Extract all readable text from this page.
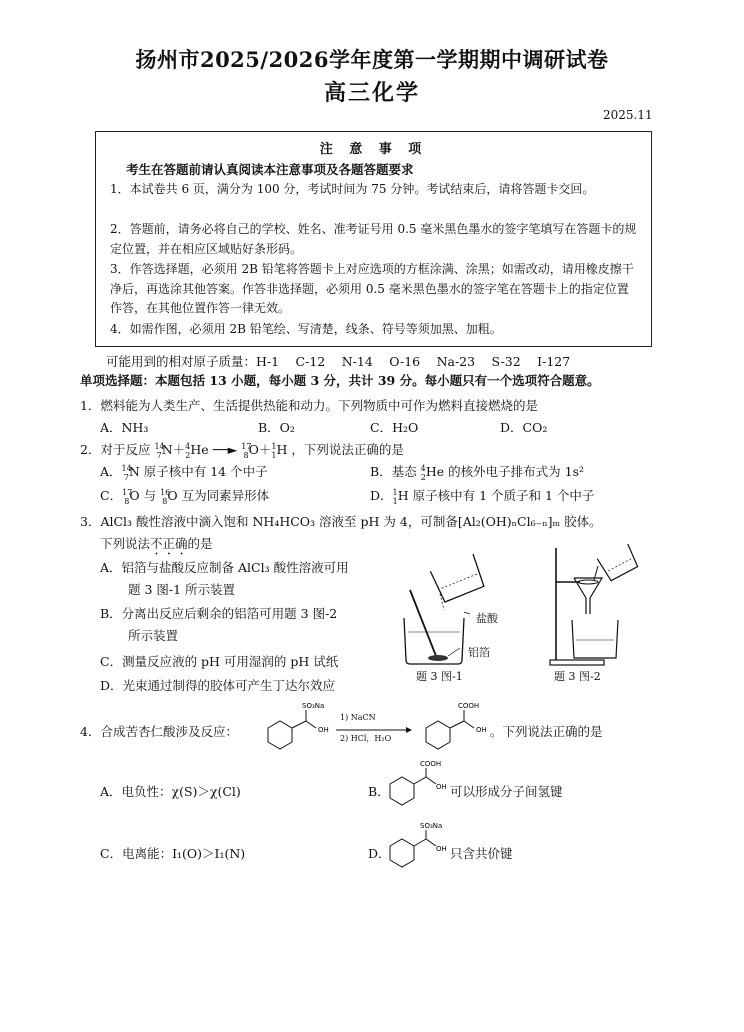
扬州市2025/2026学年度第一学期期中调研试卷
高三化学
2025.11
注 意 事 项
考生在答题前请认真阅读本注意事项及各题答题要求
1．本试卷共 6 页，满分为 100 分，考试时间为 75 分钟。考试结束后，请将答题卡交回。
2．答题前，请务必将自己的学校、姓名、准考证号用 0.5 毫米黑色墨水的签字笔填写在答题卡的规定位置，并在相应区域贴好条形码。
3．作答选择题，必须用 2B 铅笔将答题卡上对应选项的方框涂满、涂黑；如需改动，请用橡皮擦干净后，再选涂其他答案。作答非选择题，必须用 0.5 毫米黑色墨水的签字笔在答题卡上的指定位置作答，在其他位置作答一律无效。
4．如需作图，必须用 2B 铅笔绘、写清楚，线条、符号等须加黑、加粗。
可能用到的相对原子质量：H-1　 C-12　 N-14　 O-16　 Na-23　 S-32　 I-127
单项选择题：本题包括 13 小题，每小题 3 分，共计 39 分。每小题只有一个选项符合题意。
1．燃料能为人类生产、生活提供热能和动力。下列物质中可作为燃料直接燃烧的是
A．NH₃	B．O₂	C．H₂O	D．CO₂
2．对于反应 $^{14}_7$N＋$^4_2$He ──► $^{17}_8$O＋$^1_1$H ，下列说法正确的是
A．$^{14}_7$N 原子核中有 14 个中子	B．基态 $^4_2$He 的核外电子排布式为 1s²
C．$^{17}_8$O 与 $^{16}_8$O 互为同素异形体	D．$^1_1$H 原子核中有 1 个质子和 1 个中子
3．AlCl₃ 酸性溶液中滴入饱和 NH₄HCO₃ 溶液至 pH 为 4，可制备[Al₂(OH)ₙCl₆₋ₙ]ₘ 胶体。
下列说法不正确的是
A．铝箔与盐酸反应制备 AlCl₃ 酸性溶液可用
题 3 图-1 所示装置
B．分离出反应后剩余的铝箔可用题 3 图-2
所示装置
C．测量反应液的 pH 可用湿润的 pH 试纸
D．光束通过制得的胶体可产生丁达尔效应
盐酸
铝箔
题 3 图-1	题 3 图-2
4．合成苦杏仁酸涉及反应：
SO₃Na
OH
1) NaCN
2) HCl，H₂O
COOH
OH 。下列说法正确的是
A．电负性：χ(S)＞χ(Cl)	B．
COOH
OH 可以形成分子间氢键
C．电离能：I₁(O)＞I₁(N)	D．
SO₃Na
OH 只含共价键
